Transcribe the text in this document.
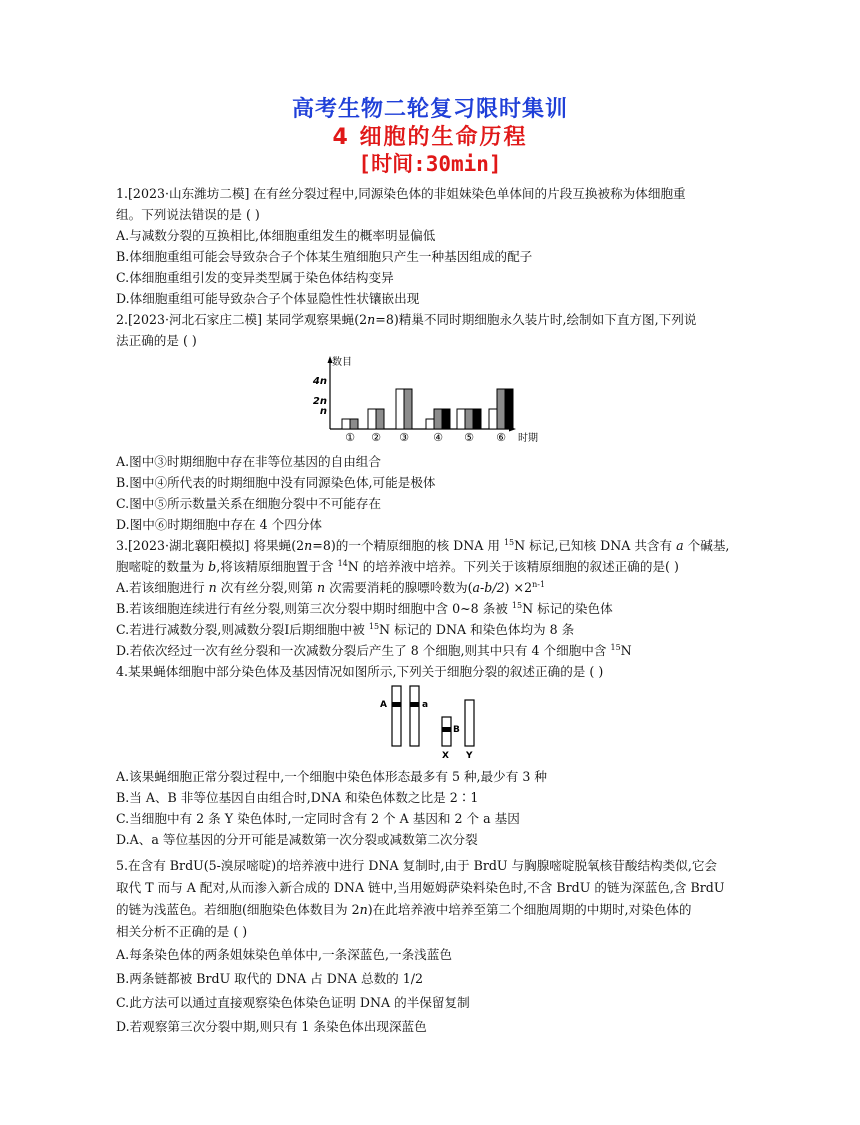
高考生物二轮复习限时集训
4 细胞的生命历程
[时间:30min]
1.[2023·山东潍坊二模] 在有丝分裂过程中,同源染色体的非姐妹染色单体间的片段互换被称为体细胞重
组。下列说法错误的是 ( )
A.与减数分裂的互换相比,体细胞重组发生的概率明显偏低
B.体细胞重组可能会导致杂合子个体某生殖细胞只产生一种基因组成的配子
C.体细胞重组引发的变异类型属于染色体结构变异
D.体细胞重组可能导致杂合子个体显隐性性状镶嵌出现
2.[2023·河北石家庄二模] 某同学观察果蝇(2n=8)精巢不同时期细胞永久装片时,绘制如下直方图,下列说
法正确的是 ( )
数目
时期
4n
2n
n
① ② ③ ④ ⑤ ⑥
A.图中③时期细胞中存在非等位基因的自由组合
B.图中④所代表的时期细胞中没有同源染色体,可能是极体
C.图中⑤所示数量关系在细胞分裂中不可能存在
D.图中⑥时期细胞中存在 4 个四分体
3.[2023·湖北襄阳模拟] 将果蝇(2n=8)的一个精原细胞的核 DNA 用 $^{15}$N 标记,已知核 DNA 共含有 a 个碱基,
胞嘧啶的数量为 b,将该精原细胞置于含 $^{14}$N 的培养液中培养。下列关于该精原细胞的叙述正确的是( )
A.若该细胞进行 n 次有丝分裂,则第 n 次需要消耗的腺嘌呤数为$(a-b/2) \times 2^{n-1}$
B.若该细胞连续进行有丝分裂,则第三次分裂中期时细胞中含 0~8 条被 $^{15}$N 标记的染色体
C.若进行减数分裂,则减数分裂Ⅰ后期细胞中被 $^{15}$N 标记的 DNA 和染色体均为 8 条
D.若依次经过一次有丝分裂和一次减数分裂后产生了 8 个细胞,则其中只有 4 个细胞中含 $^{15}$N
4.某果蝇体细胞中部分染色体及基因情况如图所示,下列关于细胞分裂的叙述正确的是 ( )
A	a
B
X Y
A.该果蝇细胞正常分裂过程中,一个细胞中染色体形态最多有 5 种,最少有 3 种
B.当 A、B 非等位基因自由组合时,DNA 和染色体数之比是 2∶1
C.当细胞中有 2 条 Y 染色体时,一定同时含有 2 个 A 基因和 2 个 a 基因
D.A、a 等位基因的分开可能是减数第一次分裂或减数第二次分裂
5.在含有 BrdU(5-溴尿嘧啶)的培养液中进行 DNA 复制时,由于 BrdU 与胸腺嘧啶脱氧核苷酸结构类似,它会
取代 T 而与 A 配对,从而渗入新合成的 DNA 链中,当用姬姆萨染料染色时,不含 BrdU 的链为深蓝色,含 BrdU
的链为浅蓝色。若细胞(细胞染色体数目为 2n)在此培养液中培养至第二个细胞周期的中期时,对染色体的
相关分析不正确的是 ( )
A.每条染色体的两条姐妹染色单体中,一条深蓝色,一条浅蓝色
B.两条链都被 BrdU 取代的 DNA 占 DNA 总数的 1/2
C.此方法可以通过直接观察染色体染色证明 DNA 的半保留复制
D.若观察第三次分裂中期,则只有 1 条染色体出现深蓝色
